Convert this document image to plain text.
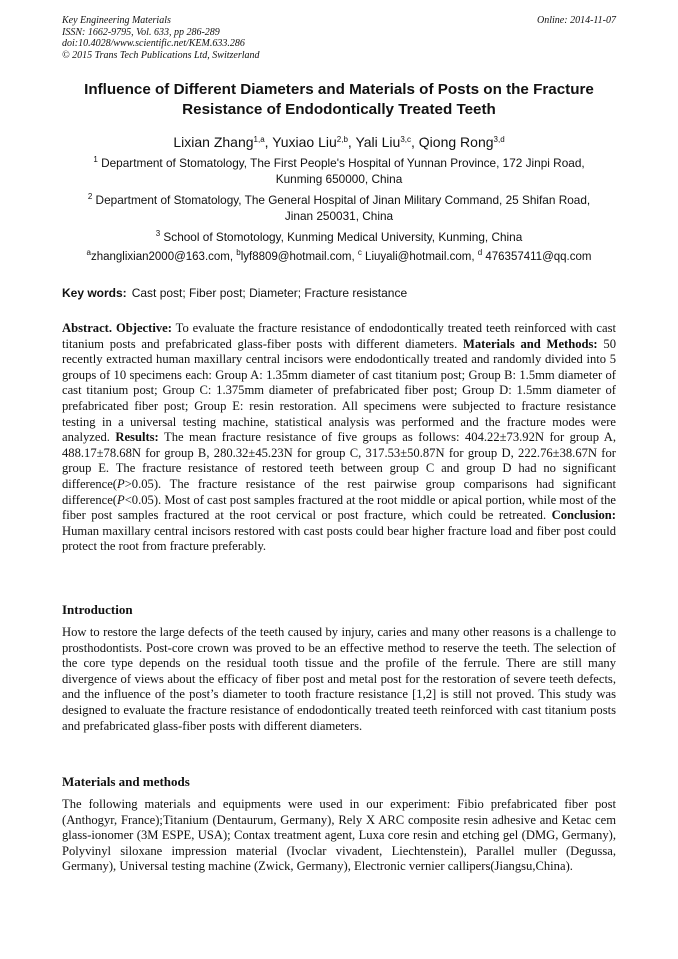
Key Engineering Materials
ISSN: 1662-9795, Vol. 633, pp 286-289
doi:10.4028/www.scientific.net/KEM.633.286
© 2015 Trans Tech Publications Ltd, Switzerland
Online: 2014-11-07
Influence of Different Diameters and Materials of Posts on the Fracture
Resistance of Endodontically Treated Teeth
Lixian Zhang$^{1,a}$, Yuxiao Liu$^{2,b}$, Yali Liu$^{3,c}$, Qiong Rong$^{3,d}$
$^1$ Department of Stomatology, The First People's Hospital of Yunnan Province, 172 Jinpi Road,
Kunming 650000, China
$^2$ Department of Stomatology, The General Hospital of Jinan Military Command, 25 Shifan Road,
Jinan 250031, China
$^3$ School of Stomotology, Kunming Medical University, Kunming, China
$^a$zhanglixian2000@163.com, $^b$lyf8809@hotmail.com, $^c$ Liuyali@hotmail.com, $^d$ 476357411@qq.com
Key words: Cast post; Fiber post; Diameter; Fracture resistance
Abstract. Objective: To evaluate the fracture resistance of endodontically treated teeth reinforced with cast titanium posts and prefabricated glass-fiber posts with different diameters. Materials and Methods: 50 recently extracted human maxillary central incisors were endodontically treated and randomly divided into 5 groups of 10 specimens each: Group A: 1.35mm diameter of cast titanium post; Group B: 1.5mm diameter of cast titanium post; Group C: 1.375mm diameter of prefabricated fiber post; Group D: 1.5mm diameter of prefabricated fiber post; Group E: resin restoration. All specimens were subjected to fracture resistance testing in a universal testing machine, statistical analysis was performed and the fracture modes were analyzed. Results: The mean fracture resistance of five groups as follows: 404.22±73.92N for group A, 488.17±78.68N for group B, 280.32±45.23N for group C, 317.53±50.87N for group D, 222.76±38.67N for group E. The fracture resistance of restored teeth between group C and group D had no significant difference(P>0.05). The fracture resistance of the rest pairwise group comparisons had significant difference(P<0.05). Most of cast post samples fractured at the root middle or apical portion, while most of the fiber post samples fractured at the root cervical or post fracture, which could be retreated. Conclusion: Human maxillary central incisors restored with cast posts could bear higher fracture load and fiber post could protect the root from fracture preferably.
Introduction
How to restore the large defects of the teeth caused by injury, caries and many other reasons is a challenge to prosthodontists. Post-core crown was proved to be an effective method to reserve the teeth. The selection of the core type depends on the residual tooth tissue and the profile of the ferrule. There are still many divergence of views about the efficacy of fiber post and metal post for the restoration of severe teeth defects, and the influence of the post’s diameter to tooth fracture resistance [1,2] is still not proved. This study was designed to evaluate the fracture resistance of endodontically treated teeth reinforced with cast titanium posts and prefabricated glass-fiber posts with different diameters.
Materials and methods
The following materials and equipments were used in our experiment: Fibio prefabricated fiber post (Anthogyr, France);Titanium (Dentaurum, Germany), Rely X ARC composite resin adhesive and Ketac cem glass-ionomer (3M ESPE, USA); Contax treatment agent, Luxa core resin and etching gel (DMG, Germany), Polyvinyl siloxane impression material (Ivoclar vivadent, Liechtenstein), Parallel muller (Degussa, Germany), Universal testing machine (Zwick, Germany), Electronic vernier callipers(Jiangsu,China).
